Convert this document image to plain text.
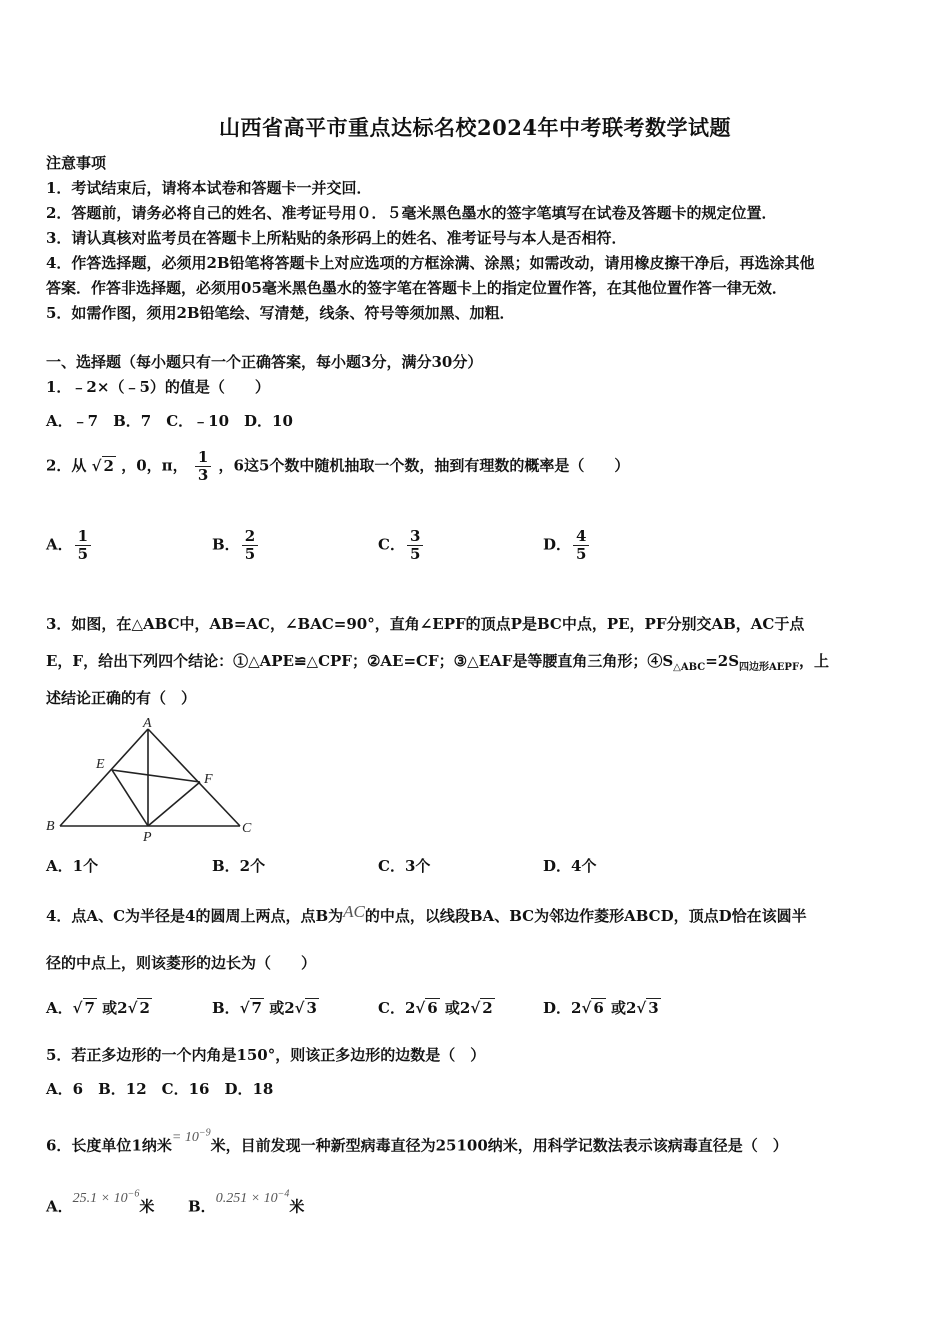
山西省高平市重点达标名校2024年中考联考数学试题
注意事项
1．考试结束后，请将本试卷和答题卡一并交回．
2．答题前，请务必将自己的姓名、准考证号用０．５毫米黑色墨水的签字笔填写在试卷及答题卡的规定位置．
3．请认真核对监考员在答题卡上所粘贴的条形码上的姓名、准考证号与本人是否相符．
4．作答选择题，必须用2B铅笔将答题卡上对应选项的方框涂满、涂黑；如需改动，请用橡皮擦干净后，再选涂其他
答案．作答非选择题，必须用05毫米黑色墨水的签字笔在答题卡上的指定位置作答，在其他位置作答一律无效．
5．如需作图，须用2B铅笔绘、写清楚，线条、符号等须加黑、加粗．
一、选择题（每小题只有一个正确答案，每小题3分，满分30分）
1．﹣2×（﹣5）的值是（　　）
A．﹣7　B．7　C．﹣10　D．10
2．从 √ 2 ，0，π， $\frac{1}{3}$ ，6这5个数中随机抽取一个数，抽到有理数的概率是（　　）
A． $\frac{1}{5}$	B． $\frac{2}{5}$	C． $\frac{3}{5}$	D． $\frac{4}{5}$
3．如图，在△ABC中，AB=AC，∠BAC=90°，直角∠EPF的顶点P是BC中点，PE，PF分别交AB，AC于点
E，F，给出下列四个结论：①△APE≌△CPF；②AE=CF；③△EAF是等腰直角三角形；$④S_{\triangle ABC}=2S_{四边形AEPF}$，上
述结论正确的有（　）
A
B	C
E
F
P
A．1个	B．2个	C．3个	D．4个
4．点A、C为半径是4的圆周上两点，点B为AC的中点，以线段BA、BC为邻边作菱形ABCD，顶点D恰在该圆半
径的中点上，则该菱形的边长为（　　）
A．√ 7 或2√ 2	B．√ 7 或2√ 3	C．2√ 6 或2√ 2	D．2√ 6 或2√ 3
5．若正多边形的一个内角是150°，则该正多边形的边数是（　）
A．6　B．12　C．16　D．18
6．长度单位1纳米= $10^{-9}$米，目前发现一种新型病毒直径为25100纳米，用科学记数法表示该病毒直径是（　）
A．$25.1 \times 10^{-6}$米 B．$0.251 \times 10^{-4}$米
